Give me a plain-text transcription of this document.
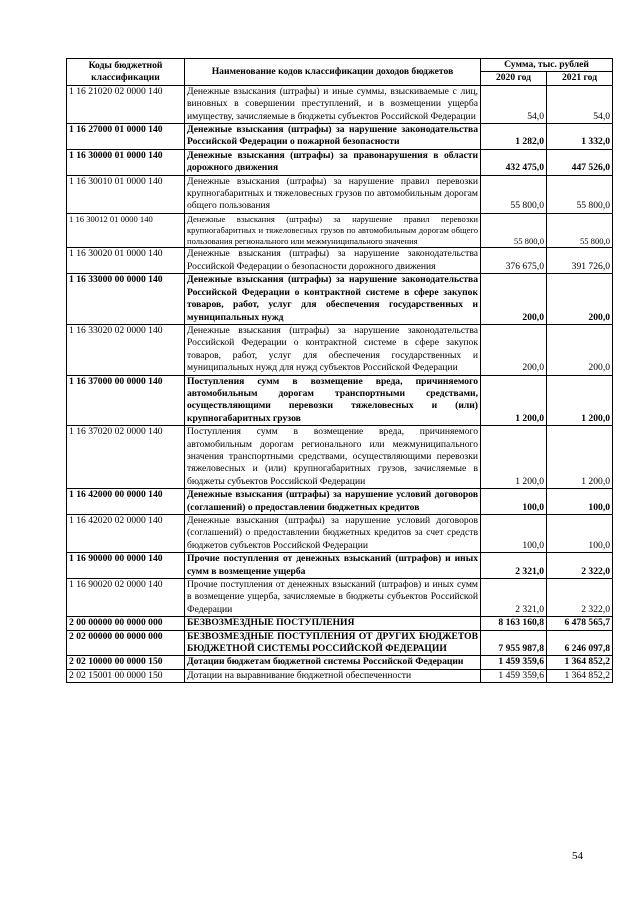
Коды бюджетной классификации	Наименование кодов классификации доходов бюджетов	Сумма, тыс. рублей	
		2020 год	2021 год
1 16 21020 02 0000 140	Денежные взыскания (штрафы) и иные суммы, взыскиваемые с лиц, виновных в совершении преступлений, и в возмещении ущерба имуществу, зачисляемые в бюджеты субъектов Российской Федерации	54,0	54,0
1 16 27000 01 0000 140	Денежные взыскания (штрафы) за нарушение законодательства Российской Федерации о пожарной безопасности	1 282,0	1 332,0
1 16 30000 01 0000 140	Денежные взыскания (штрафы) за правонарушения в области дорожного движения	432 475,0	447 526,0
1 16 30010 01 0000 140	Денежные взыскания (штрафы) за нарушение правил перевозки крупногабаритных и тяжеловесных грузов по автомобильным дорогам общего пользования	55 800,0	55 800,0
1 16 30012 01 0000 140	Денежные взыскания (штрафы) за нарушение правил перевозки крупногабаритных и тяжеловесных грузов по автомобильным дорогам общего пользования регионального или межмуниципального значения	55 800,0	55 800,0
1 16 30020 01 0000 140	Денежные взыскания (штрафы) за нарушение законодательства Российской Федерации о безопасности дорожного движения	376 675,0	391 726,0
1 16 33000 00 0000 140	Денежные взыскания (штрафы) за нарушение законодательства Российской Федерации о контрактной системе в сфере закупок товаров, работ, услуг для обеспечения государственных и муниципальных нужд	200,0	200,0
1 16 33020 02 0000 140	Денежные взыскания (штрафы) за нарушение законодательства Российской Федерации о контрактной системе в сфере закупок товаров, работ, услуг для обеспечения государственных и муниципальных нужд для нужд субъектов Российской Федерации	200,0	200,0
1 16 37000 00 0000 140	Поступления сумм в возмещение вреда, причиняемого автомобильным дорогам транспортными средствами, осуществляющими перевозки тяжеловесных и (или) крупногабаритных грузов	1 200,0	1 200,0
1 16 37020 02 0000 140	Поступления сумм в возмещение вреда, причиняемого автомобильным дорогам регионального или межмуниципального значения транспортными средствами, осуществляющими перевозки тяжеловесных и (или) крупногабаритных грузов, зачисляемые в бюджеты субъектов Российской Федерации	1 200,0	1 200,0
1 16 42000 00 0000 140	Денежные взыскания (штрафы) за нарушение условий договоров (соглашений) о предоставлении бюджетных кредитов	100,0	100,0
1 16 42020 02 0000 140	Денежные взыскания (штрафы) за нарушение условий договоров (соглашений) о предоставлении бюджетных кредитов за счет средств бюджетов субъектов Российской Федерации	100,0	100,0
1 16 90000 00 0000 140	Прочие поступления от денежных взысканий (штрафов) и иных сумм в возмещение ущерба	2 321,0	2 322,0
1 16 90020 02 0000 140	Прочие поступления от денежных взысканий (штрафов) и иных сумм в возмещение ущерба, зачисляемые в бюджеты субъектов Российской Федерации	2 321,0	2 322,0
2 00 00000 00 0000 000	БЕЗВОЗМЕЗДНЫЕ ПОСТУПЛЕНИЯ	8 163 160,8	6 478 565,7
2 02 00000 00 0000 000	БЕЗВОЗМЕЗДНЫЕ ПОСТУПЛЕНИЯ ОТ ДРУГИХ БЮДЖЕТОВ БЮДЖЕТНОЙ СИСТЕМЫ РОССИЙСКОЙ ФЕДЕРАЦИИ	7 955 987,8	6 246 097,8
2 02 10000 00 0000 150	Дотации бюджетам бюджетной системы Российской Федерации	1 459 359,6	1 364 852,2
2 02 15001 00 0000 150	Дотации на выравнивание бюджетной обеспеченности	1 459 359,6	1 364 852,2
54
